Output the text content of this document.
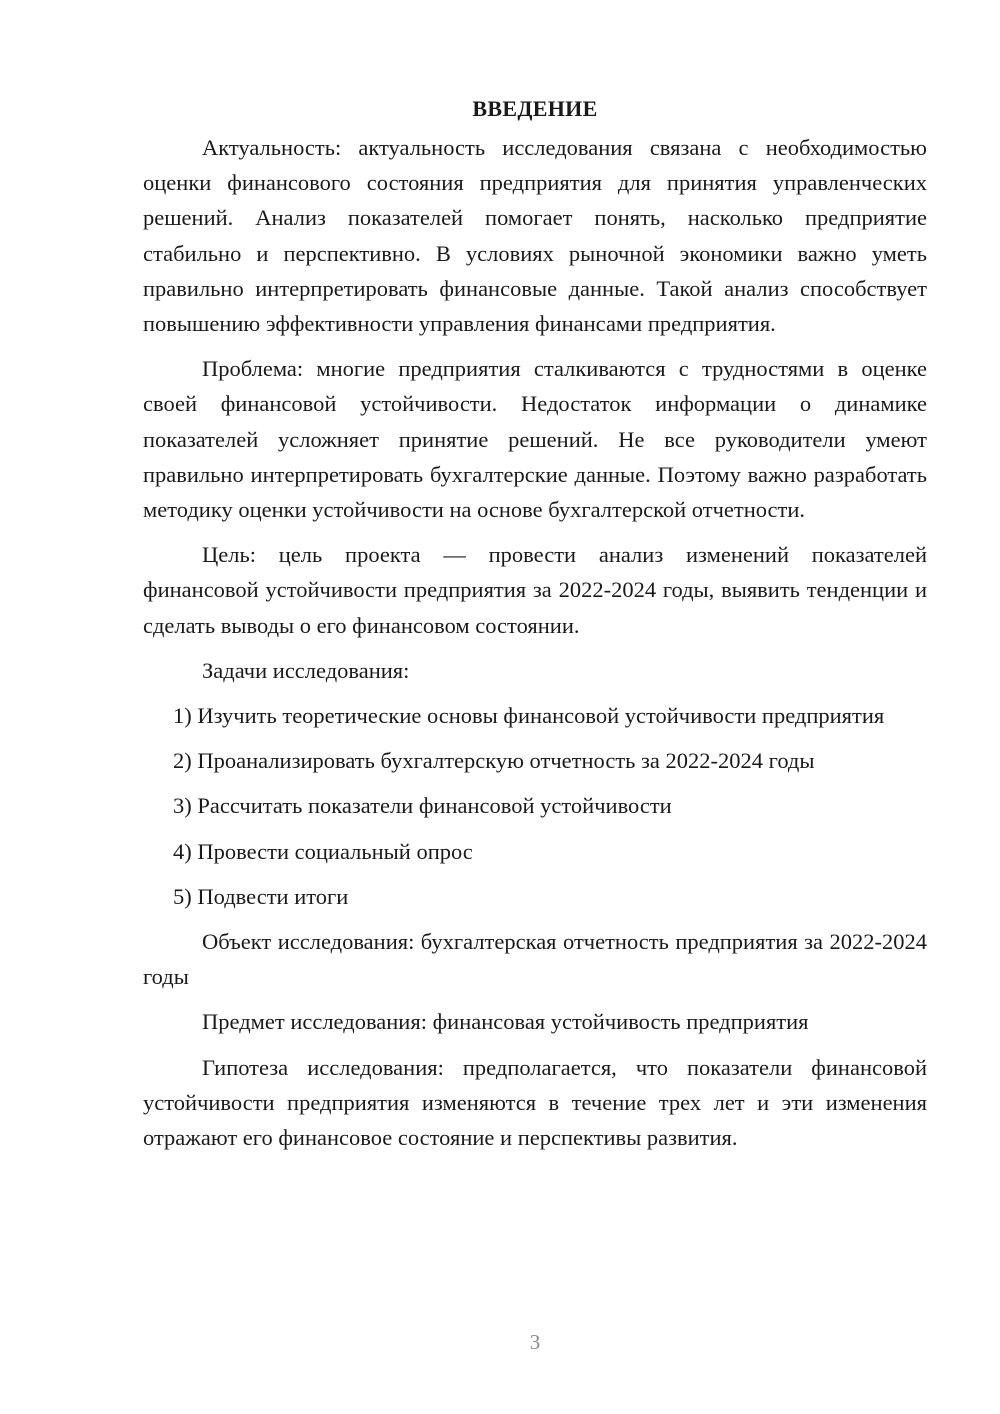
ВВЕДЕНИЕ

Актуальность: актуальность исследования связана с необходимостью оценки финансового состояния предприятия для принятия управленческих решений. Анализ показателей помогает понять, насколько предприятие стабильно и перспективно. В условиях рыночной экономики важно уметь правильно интерпретировать финансовые данные. Такой анализ способствует повышению эффективности управления финансами предприятия.

Проблема: многие предприятия сталкиваются с трудностями в оценке своей финансовой устойчивости. Недостаток информации о динамике показателей усложняет принятие решений. Не все руководители умеют правильно интерпретировать бухгалтерские данные. Поэтому важно разработать методику оценки устойчивости на основе бухгалтерской отчетности.

Цель: цель проекта — провести анализ изменений показателей финансовой устойчивости предприятия за 2022-2024 годы, выявить тенденции и сделать выводы о его финансовом состоянии.

Задачи исследования:

1) Изучить теоретические основы финансовой устойчивости предприятия

2) Проанализировать бухгалтерскую отчетность за 2022-2024 годы

3) Рассчитать показатели финансовой устойчивости

4) Провести социальный опрос

5) Подвести итоги

Объект исследования: бухгалтерская отчетность предприятия за 2022-2024 годы

Предмет исследования: финансовая устойчивость предприятия

Гипотеза исследования: предполагается, что показатели финансовой устойчивости предприятия изменяются в течение трех лет и эти изменения отражают его финансовое состояние и перспективы развития.

3
